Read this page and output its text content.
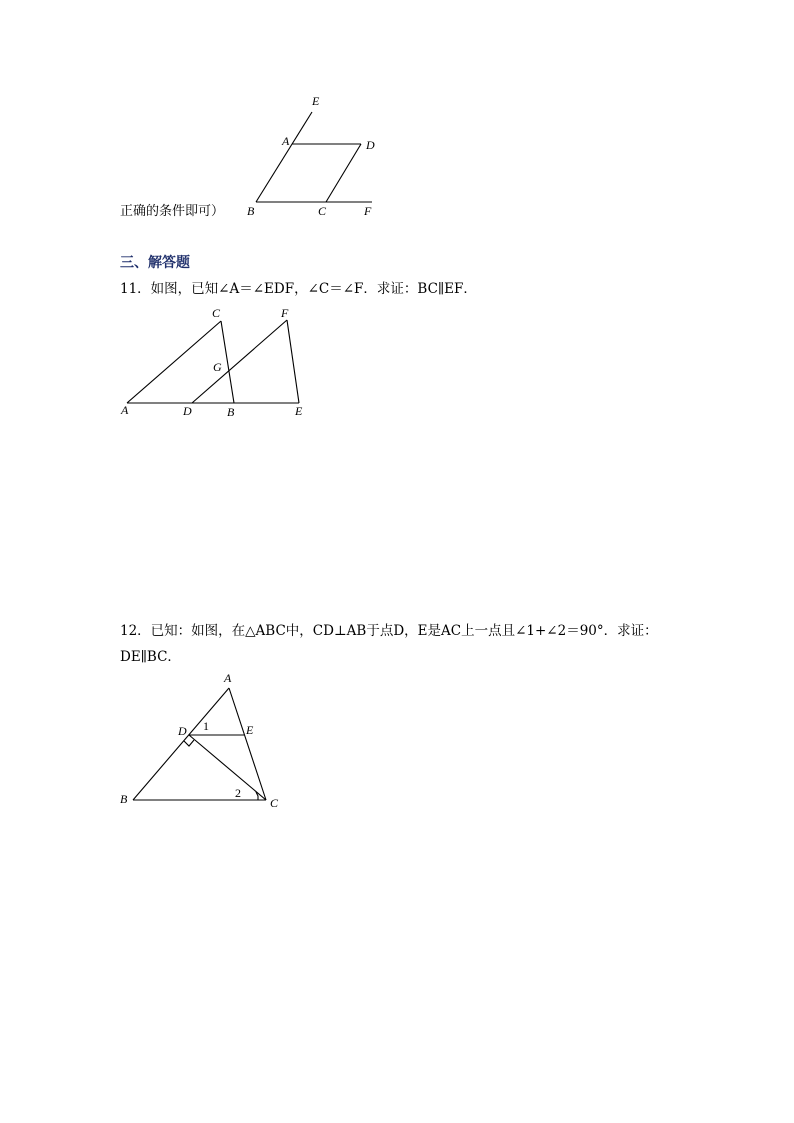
E
A	D
B	C	F
正确的条件即可）
三、解答题
11．如图，已知∠A＝∠EDF，∠C＝∠F．求证：BC∥EF．
C	F
G
A	D	B	E
12．已知：如图，在△ABC中，CD⊥AB于点D，E是AC上一点且∠1+∠2＝90°．求证：
DE∥BC．
A
D 1	E
B	2
C
